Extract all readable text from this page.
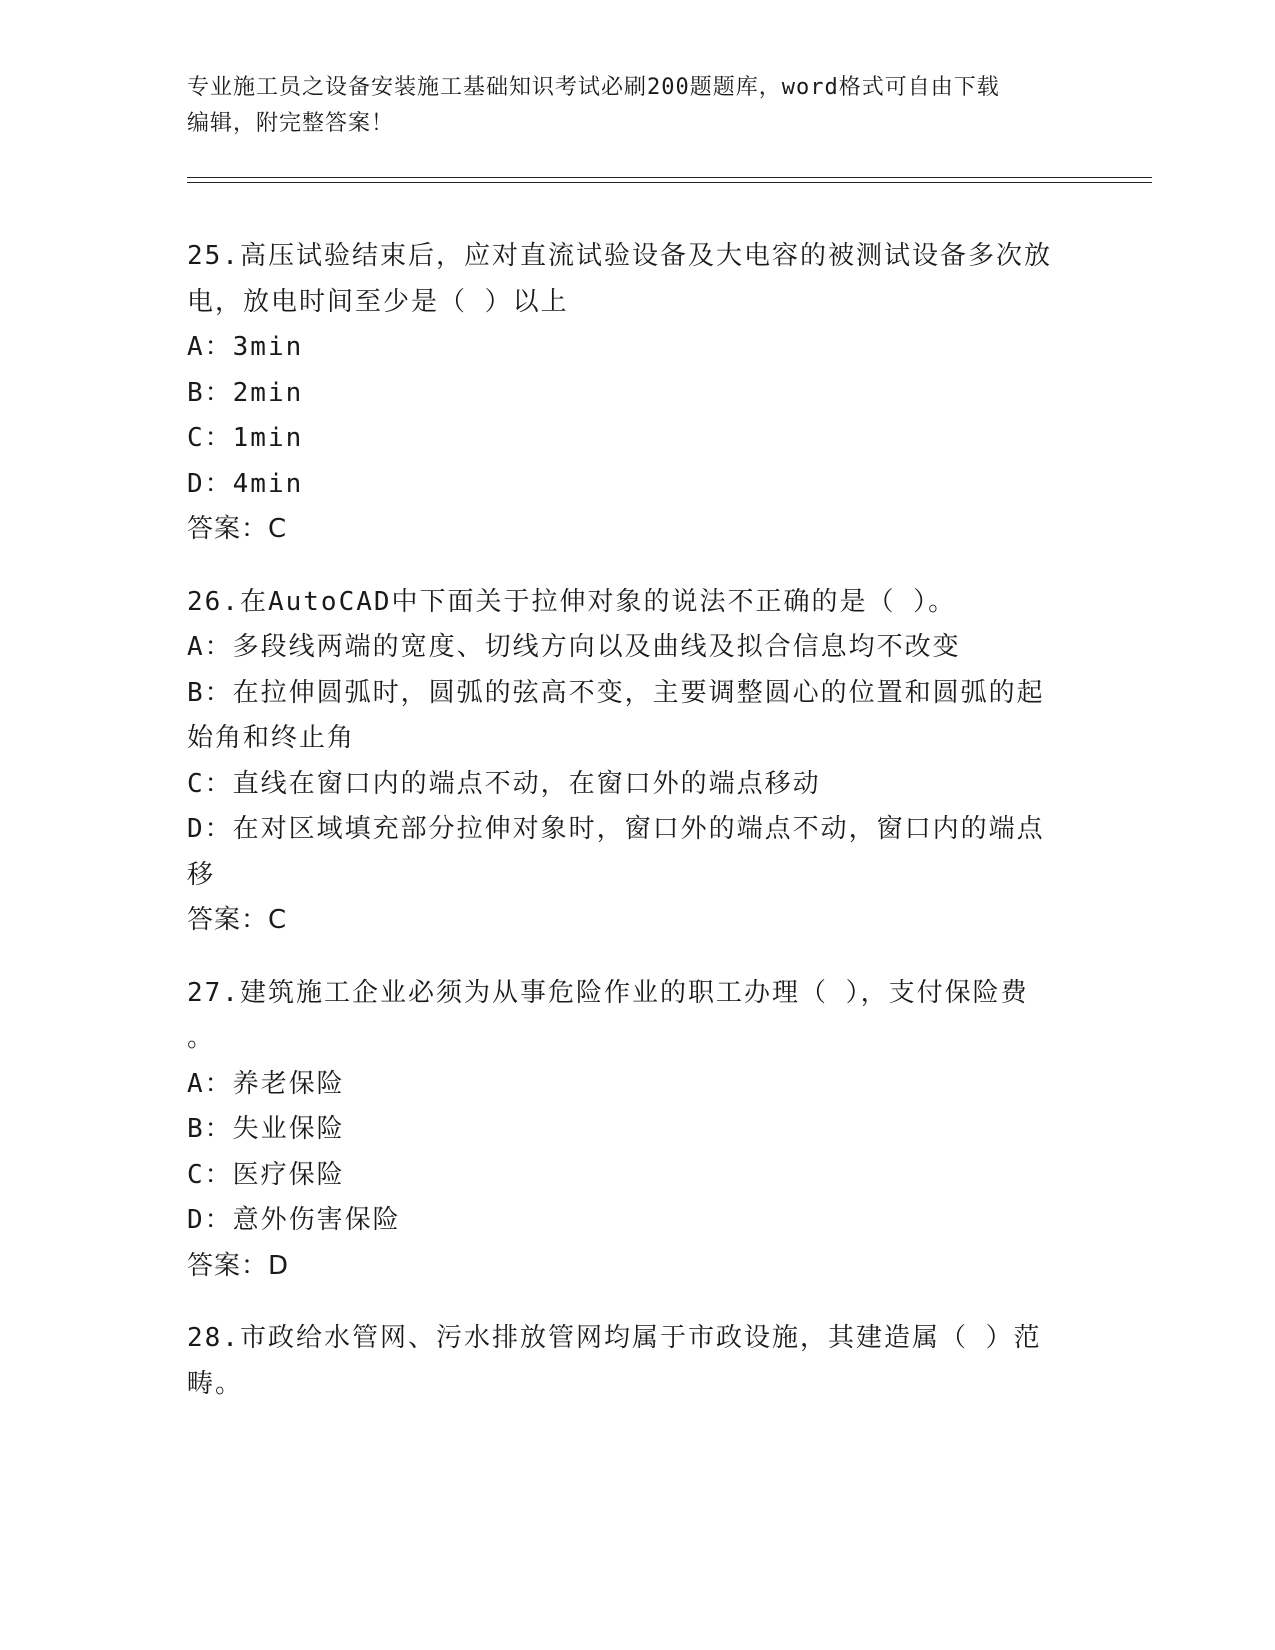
专业施工员之设备安装施工基础知识考试必刷200题题库，word格式可自由下载
编辑，附完整答案！
25.高压试验结束后，应对直流试验设备及大电容的被测试设备多次放
电，放电时间至少是（ ）以上
A：3min
B：2min
C：1min
D：4min
答案：C
26.在AutoCAD中下面关于拉伸对象的说法不正确的是（ ）。
A：多段线两端的宽度、切线方向以及曲线及拟合信息均不改变
B：在拉伸圆弧时，圆弧的弦高不变，主要调整圆心的位置和圆弧的起
始角和终止角
C：直线在窗口内的端点不动，在窗口外的端点移动
D：在对区域填充部分拉伸对象时，窗口外的端点不动，窗口内的端点
移
答案：C
27.建筑施工企业必须为从事危险作业的职工办理（ ），支付保险费
。
A：养老保险
B：失业保险
C：医疗保险
D：意外伤害保险
答案：D
28.市政给水管网、污水排放管网均属于市政设施，其建造属（ ）范
畴。
